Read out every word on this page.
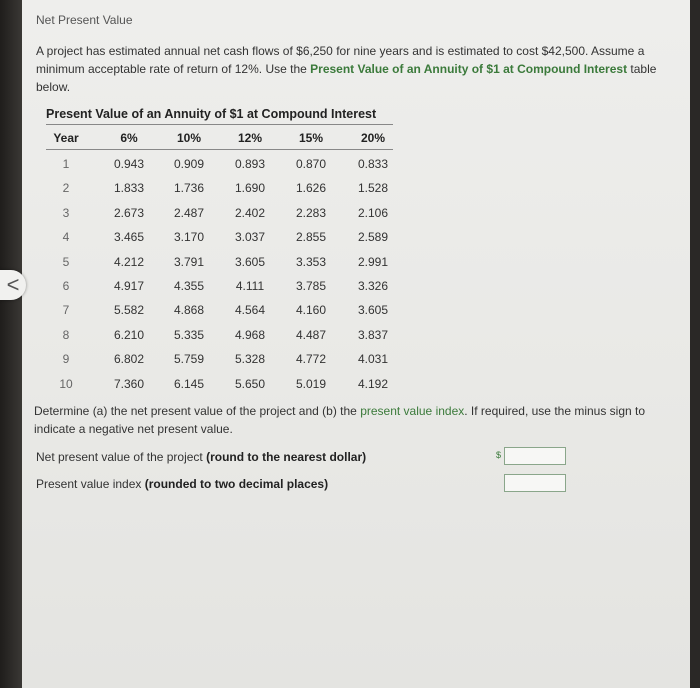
Net Present Value
A project has estimated annual net cash flows of $6,250 for nine years and is estimated to cost $42,500. Assume a minimum acceptable rate of return of 12%. Use the Present Value of an Annuity of $1 at Compound Interest table below.
Present Value of an Annuity of $1 at Compound Interest
Year	6%	10%	12%	15%	20%
1	0.943	0.909	0.893	0.870	0.833
2	1.833	1.736	1.690	1.626	1.528
3	2.673	2.487	2.402	2.283	2.106
4	3.465	3.170	3.037	2.855	2.589
5	4.212	3.791	3.605	3.353	2.991
6	4.917	4.355	4.111	3.785	3.326
7	5.582	4.868	4.564	4.160	3.605
8	6.210	5.335	4.968	4.487	3.837
9	6.802	5.759	5.328	4.772	4.031
10	7.360	6.145	5.650	5.019	4.192
Determine (a) the net present value of the project and (b) the present value index. If required, use the minus sign to indicate a negative net present value.
Net present value of the project (round to the nearest dollar)	$
Present value index (rounded to two decimal places)
<
